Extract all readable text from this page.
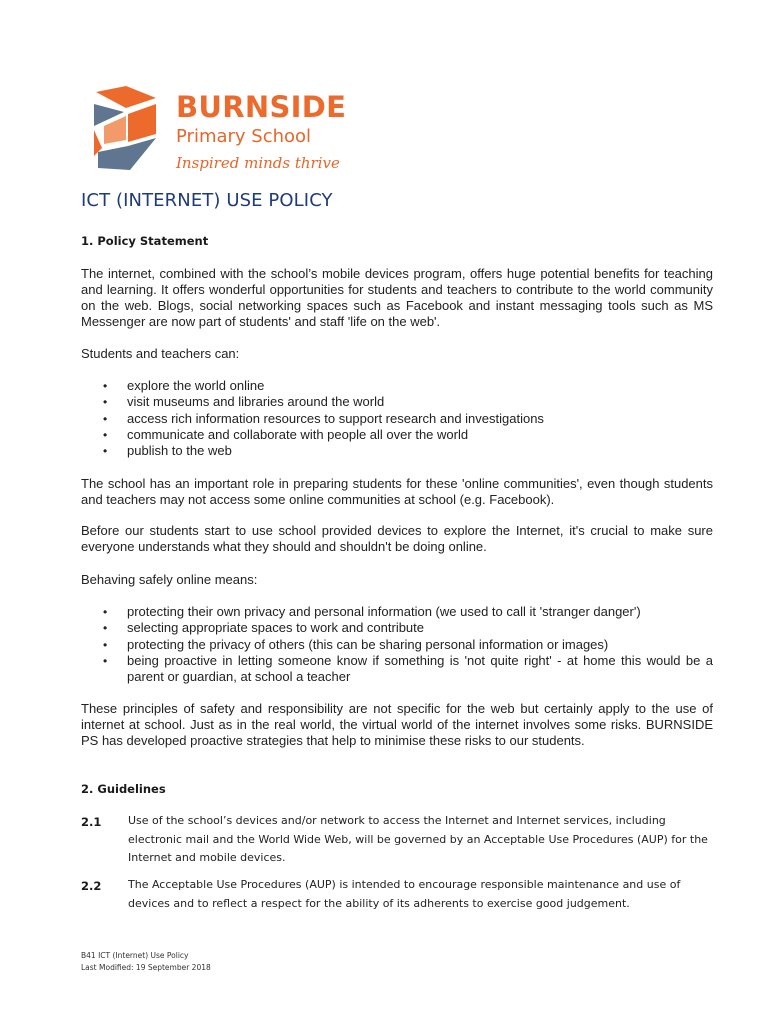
BURNSIDE
Primary School
Inspired minds thrive
ICT (INTERNET) USE POLICY
1. Policy Statement
The internet, combined with the school’s mobile devices program, offers huge potential benefits for teaching and learning. It offers wonderful opportunities for students and teachers to contribute to the world community on the web. Blogs, social networking spaces such as Facebook and instant messaging tools such as MS Messenger are now part of students' and staff 'life on the web'.
Students and teachers can:
• explore the world online
• visit museums and libraries around the world
• access rich information resources to support research and investigations
• communicate and collaborate with people all over the world
• publish to the web
The school has an important role in preparing students for these 'online communities', even though students and teachers may not access some online communities at school (e.g. Facebook).
Before our students start to use school provided devices to explore the Internet, it's crucial to make sure everyone understands what they should and shouldn't be doing online.
Behaving safely online means:
• protecting their own privacy and personal information (we used to call it 'stranger danger')
• selecting appropriate spaces to work and contribute
• protecting the privacy of others (this can be sharing personal information or images)
• being proactive in letting someone know if something is 'not quite right' - at home this would be a parent or guardian, at school a teacher
These principles of safety and responsibility are not specific for the web but certainly apply to the use of internet at school. Just as in the real world, the virtual world of the internet involves some risks. BURNSIDE PS has developed proactive strategies that help to minimise these risks to our students.
2. Guidelines
2.1 Use of the school’s devices and/or network to access the Internet and Internet services, including electronic mail and the World Wide Web, will be governed by an Acceptable Use Procedures (AUP) for the Internet and mobile devices.
2.2 The Acceptable Use Procedures (AUP) is intended to encourage responsible maintenance and use of devices and to reflect a respect for the ability of its adherents to exercise good judgement.
B41 ICT (Internet) Use Policy
Last Modified: 19 September 2018
